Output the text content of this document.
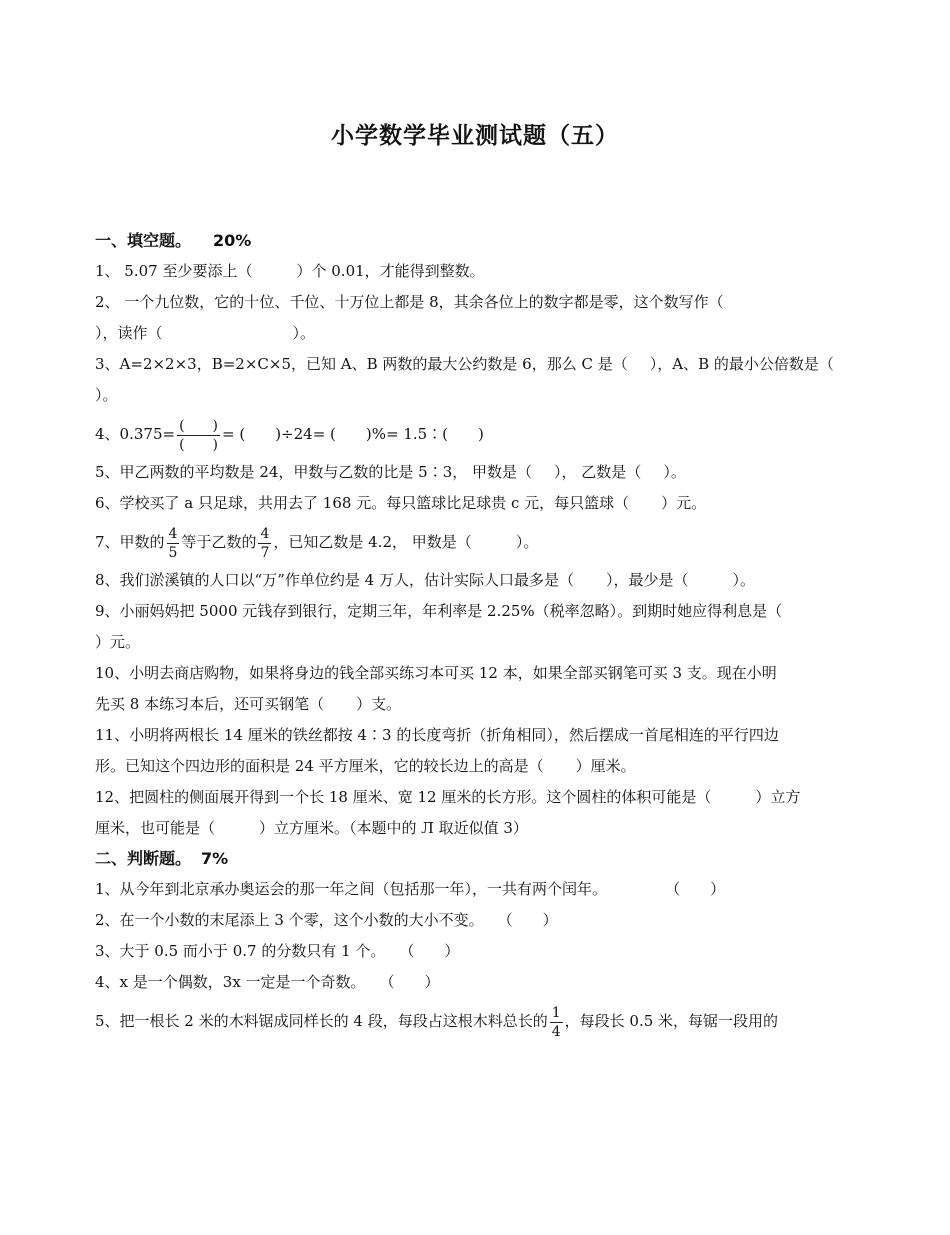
小学数学毕业测试题（五）
一、填空题。 20%
1、 5.07 至少要添上（	）个 0.01，才能得到整数。
2、 一个九位数，它的十位、千位、十万位上都是 8，其余各位上的数字都是零，这个数写作（
），读作（	）。
3、A=2×2×3，B=2×C×5，已知 A、B 两数的最大公约数是 6，那么 C 是（ ），A、B 的最小公倍数是（
）。
4、$0.375= \frac{( )}{( )}$ = (　　)÷24= (　　)%= 1.5∶(　　)
5、甲乙两数的平均数是 24，甲数与乙数的比是 5∶3， 甲数是（ ）， 乙数是（ ）。
6、学校买了 a 只足球，共用去了 168 元。每只篮球比足球贵 c 元，每只篮球（ ）元。
7、甲数的 $\frac{4}{5}$ 等于乙数的 $\frac{4}{7}$ ，已知乙数是 4.2， 甲数是（	）。
8、我们淤溪镇的人口以“万”作单位约是 4 万人，估计实际人口最多是（ ），最少是（	）。
9、小丽妈妈把 5000 元钱存到银行，定期三年，年利率是 2.25%（税率忽略）。到期时她应得利息是（
）元。
10、小明去商店购物，如果将身边的钱全部买练习本可买 12 本，如果全部买钢笔可买 3 支。现在小明
先买 8 本练习本后，还可买钢笔（ ）支。
11、小明将两根长 14 厘米的铁丝都按 4∶3 的长度弯折（折角相同），然后摆成一首尾相连的平行四边
形。已知这个四边形的面积是 24 平方厘米，它的较长边上的高是（ ）厘米。
12、把圆柱的侧面展开得到一个长 18 厘米、宽 12 厘米的长方形。这个圆柱的体积可能是（	）立方
厘米，也可能是（	）立方厘米。（本题中的 Л 取近似值 3）
二、判断题。 7%
1、从今年到北京承办奥运会的那一年之间（包括那一年），一共有两个闰年。	（　　）
2、在一个小数的末尾添上 3 个零，这个小数的大小不变。 （　　）
3、大于 0.5 而小于 0.7 的分数只有 1 个。 （　　）
4、x 是一个偶数，3x 一定是一个奇数。 （　　）
5、把一根长 2 米的木料锯成同样长的 4 段，每段占这根木料总长的 $\frac{1}{4}$ ，每段长 0.5 米，每锯一段用的
